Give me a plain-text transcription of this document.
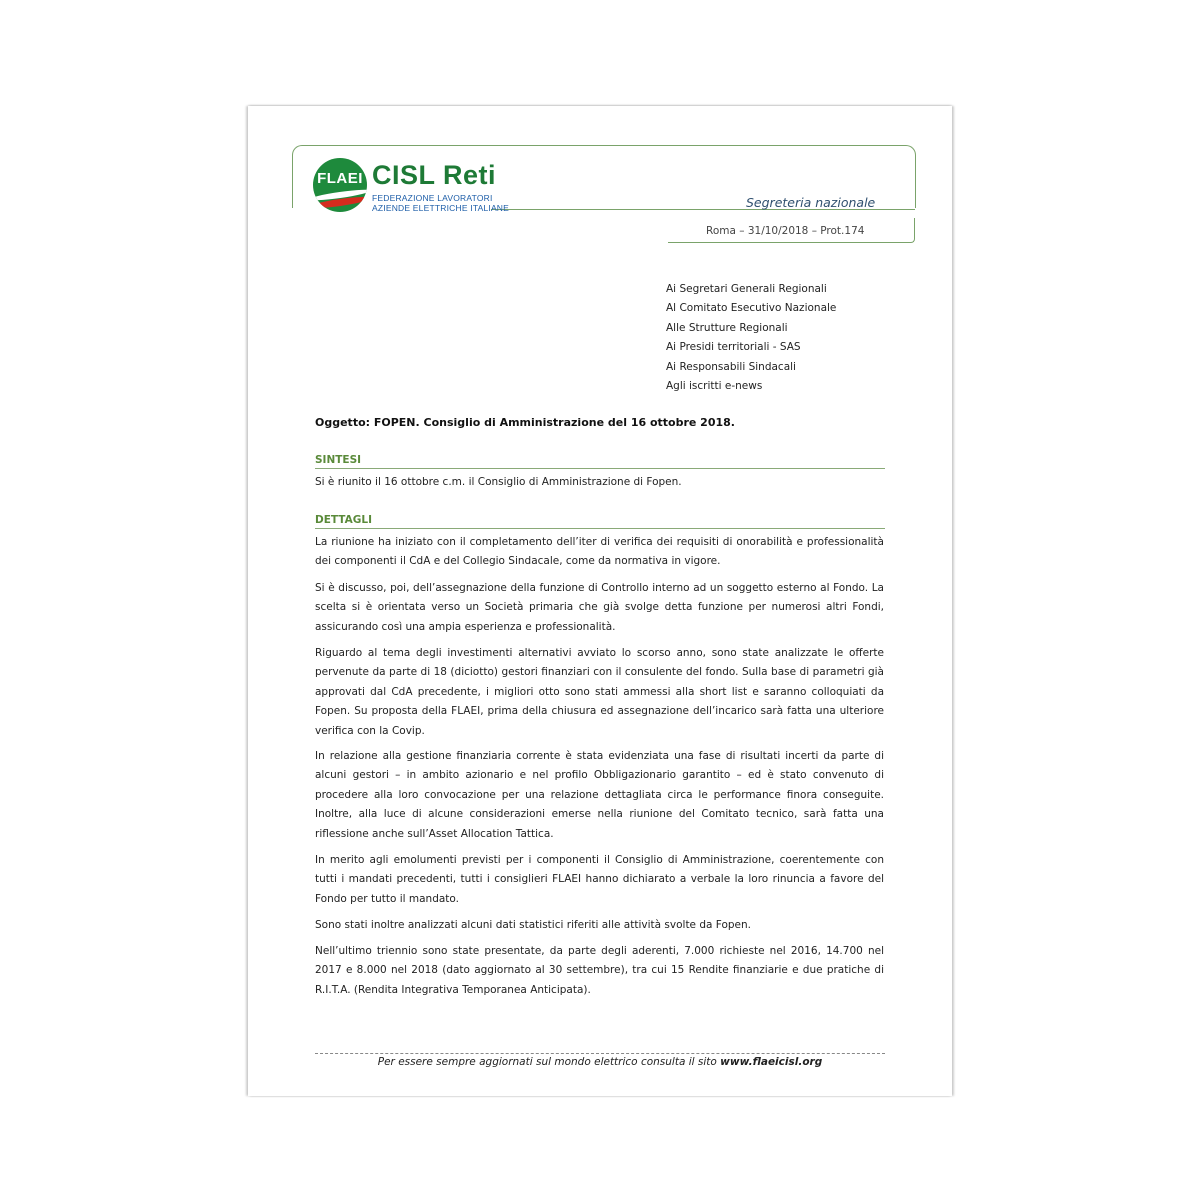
FLAEI CISL Reti
FEDERAZIONE LAVORATORI
AZIENDE ELETTRICHE ITALIANE	Segreteria nazionale
Roma – 31/10/2018 – Prot.174
Ai Segretari Generali Regionali
Al Comitato Esecutivo Nazionale
Alle Strutture Regionali
Ai Presidi territoriali - SAS
Ai Responsabili Sindacali
Agli iscritti e-news
Oggetto: FOPEN. Consiglio di Amministrazione del 16 ottobre 2018.
SINTESI

Si è riunito il 16 ottobre c.m. il Consiglio di Amministrazione di Fopen.

DETTAGLI

La riunione ha iniziato con il completamento dell’iter di verifica dei requisiti di onorabilità e professionalità dei componenti il CdA e del Collegio Sindacale, come da normativa in vigore.

Si è discusso, poi, dell’assegnazione della funzione di Controllo interno ad un soggetto esterno al Fondo. La scelta si è orientata verso un Società primaria che già svolge detta funzione per numerosi altri Fondi, assicurando così una ampia esperienza e professionalità.

Riguardo al tema degli investimenti alternativi avviato lo scorso anno, sono state analizzate le offerte pervenute da parte di 18 (diciotto) gestori finanziari con il consulente del fondo. Sulla base di parametri già approvati dal CdA precedente, i migliori otto sono stati ammessi alla short list e saranno colloquiati da Fopen. Su proposta della FLAEI, prima della chiusura ed assegnazione dell’incarico sarà fatta una ulteriore verifica con la Covip.

In relazione alla gestione finanziaria corrente è stata evidenziata una fase di risultati incerti da parte di alcuni gestori – in ambito azionario e nel profilo Obbligazionario garantito – ed è stato convenuto di procedere alla loro convocazione per una relazione dettagliata circa le performance finora conseguite. Inoltre, alla luce di alcune considerazioni emerse nella riunione del Comitato tecnico, sarà fatta una riflessione anche sull’Asset Allocation Tattica.

In merito agli emolumenti previsti per i componenti il Consiglio di Amministrazione, coerentemente con tutti i mandati precedenti, tutti i consiglieri FLAEI hanno dichiarato a verbale la loro rinuncia a favore del Fondo per tutto il mandato.

Sono stati inoltre analizzati alcuni dati statistici riferiti alle attività svolte da Fopen.

Nell’ultimo triennio sono state presentate, da parte degli aderenti, 7.000 richieste nel 2016, 14.700 nel 2017 e 8.000 nel 2018 (dato aggiornato al 30 settembre), tra cui 15 Rendite finanziarie e due pratiche di R.I.T.A. (Rendita Integrativa Temporanea Anticipata).

Per essere sempre aggiornati sul mondo elettrico consulta il sito www.flaeicisl.org
